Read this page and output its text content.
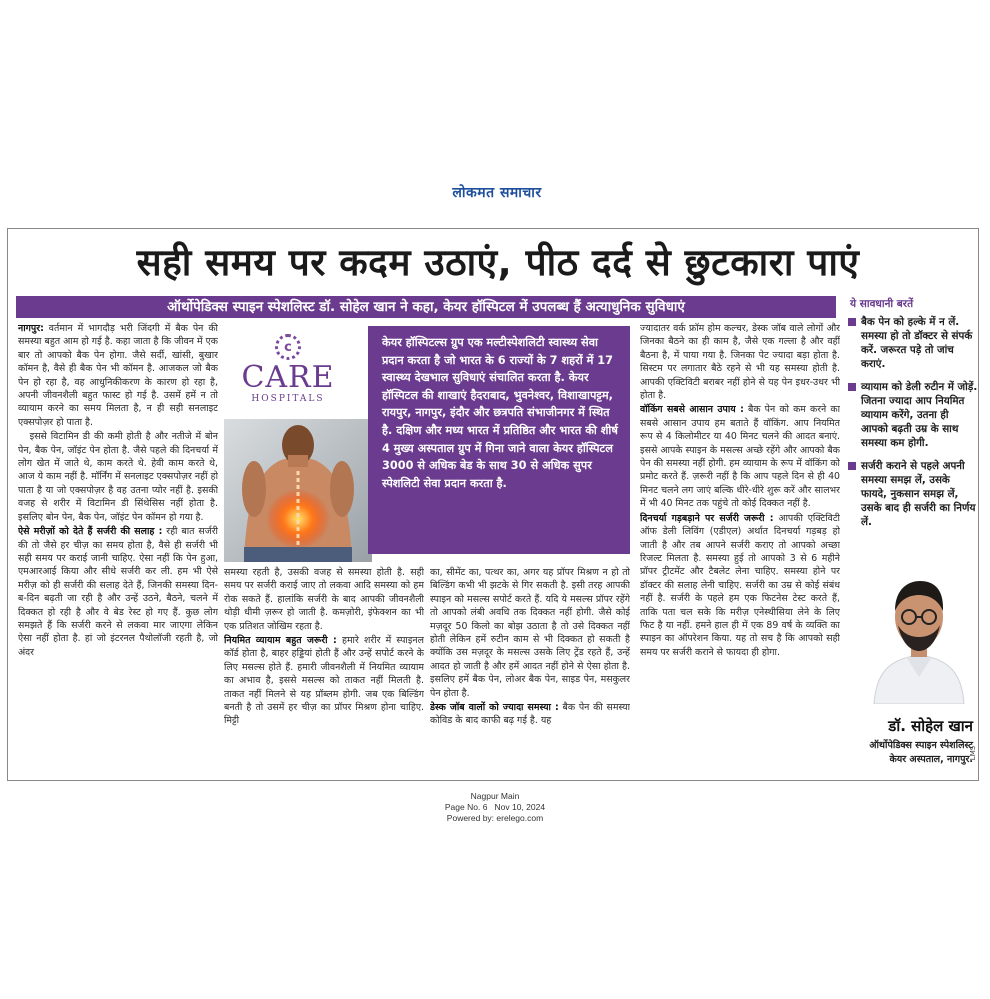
लोकमत समाचार
सही समय पर कदम उठाएं, पीठ दर्द से छुटकारा पाएं
ऑर्थोपेडिक्स स्पाइन स्पेशलिस्ट डॉ. सोहेल खान ने कहा, केयर हॉस्पिटल में उपलब्ध हैं अत्याधुनिक सुविधाएं

नागपुर: वर्तमान में भागदौड़ भरी जिंदगी में बैक पेन की समस्या बहुत आम हो गई है. कहा जाता है कि जीवन में एक बार तो आपको बैक पेन होगा. जैसे सर्दी, खांसी, बुखार कॉमन है, वैसे ही बैक पेन भी कॉमन है. आजकल जो बैक पेन हो रहा है, वह आधुनिकीकरण के कारण हो रहा है, अपनी जीवनशैली बहुत फास्ट हो गई है. उसमें हमें न तो व्यायाम करने का समय मिलता है, न ही सही सनलाइट एक्सपोज़र हो पाता है.

इससे विटामिन डी की कमी होती है और नतीजे में बोन पेन, बैक पेन, जॉइंट पेन होता है. जैसे पहले की दिनचर्या में लोग खेत में जाते थे, काम करते थे. हेवी काम करते थे, आज ये काम नहीं है. मॉर्निंग में सनलाइट एक्सपोज़र नहीं हो पाता है या जो एक्सपोज़र है वह उतना प्योर नहीं है. इसकी वजह से शरीर में विटामिन डी सिंथेसिस नहीं होता है. इसलिए बोन पेन, बैक पेन, जॉइंट पेन कॉमन हो गया है.

ऐसे मरीज़ों को देते हैं सर्जरी की सलाह : रही बात सर्जरी की तो जैसे हर चीज़ का समय होता है, वैसे ही सर्जरी भी सही समय पर कराई जानी चाहिए. ऐसा नहीं कि पेन हुआ, एमआरआई किया और सीधे सर्जरी कर ली. हम भी ऐसे मरीज़ को ही सर्जरी की सलाह देते हैं, जिनकी समस्या दिन-ब-दिन बढ़ती जा रही है और उन्हें उठने, बैठने, चलने में दिक्कत हो रही है और वे बेड रेस्ट हो गए हैं. कुछ लोग समझते हैं कि सर्जरी करने से लकवा मार जाएगा लेकिन ऐसा नहीं होता है. हां जो इंटरनल पैथोलॉजी रहती है, जो अंदर

c
CARE
HOSPITALS
केयर हॉस्पिटल्स ग्रुप एक मल्टीस्पेशलिटी स्वास्थ्य सेवा प्रदान करता है जो भारत के 6 राज्यों के 7 शहरों में 17 स्वास्थ्य देखभाल सुविधाएं संचालित करता है. केयर हॉस्पिटल की शाखाएं हैदराबाद, भुवनेश्वर, विशाखापट्टम, रायपुर, नागपुर, इंदौर और छत्रपति संभाजीनगर में स्थित है. दक्षिण और मध्य भारत में प्रतिष्ठित और भारत की शीर्ष 4 मुख्य अस्पताल ग्रुप में गिना जाने वाला केयर हॉस्पिटल 3000 से अधिक बेड के साथ 30 से अधिक सुपर स्पेशलिटी सेवा प्रदान करता है.

समस्या रहती है, उसकी वजह से समस्या होती है. सही समय पर सर्जरी कराई जाए तो लकवा आदि समस्या को हम रोक सकते हैं. हालांकि सर्जरी के बाद आपकी जीवनशैली थोड़ी धीमी ज़रूर हो जाती है. कमज़ोरी, इंफेक्शन का भी एक प्रतिशत जोखिम रहता है.

नियमित व्यायाम बहुत जरूरी : हमारे शरीर में स्पाइनल कॉर्ड होता है, बाहर हड्डियां होती हैं और उन्हें सपोर्ट करने के लिए मसल्स होते हैं. हमारी जीवनशैली में नियमित व्यायाम का अभाव है, इससे मसल्स को ताकत नहीं मिलती है. ताकत नहीं मिलने से यह प्रॉब्लम होगी. जब एक बिल्डिंग बनती है तो उसमें हर चीज़ का प्रॉपर मिश्रण होना चाहिए. मिट्टी

का, सीमेंट का, पत्थर का, अगर यह प्रॉपर मिश्रण न हो तो बिल्डिंग कभी भी झटके से गिर सकती है. इसी तरह आपकी स्पाइन को मसल्स सपोर्ट करते हैं. यदि ये मसल्स प्रॉपर रहेंगे तो आपको लंबी अवधि तक दिक्कत नहीं होगी. जैसे कोई मज़दूर 50 किलो का बोझ उठाता है तो उसे दिक्कत नहीं होती लेकिन हमें रुटीन काम से भी दिक्कत हो सकती है क्योंकि उस मज़दूर के मसल्स उसके लिए ट्रेंड रहते हैं, उन्हें आदत हो जाती है और हमें आदत नहीं होने से ऐसा होता है. इसलिए हमें बैक पेन, लोअर बैक पेन, साइड पेन, मसकुलर पेन होता है.

डेस्क जॉब वालों को ज्यादा समस्या : बैक पेन की समस्या कोविड के बाद काफी बढ़ गई है. यह

ज्यादातर वर्क फ्रॉम होम कल्चर, डेस्क जॉब वाले लोगों और जिनका बैठने का ही काम है, जैसे एक गल्ला है और वहीं बैठना है, में पाया गया है. जिनका पेट ज्यादा बड़ा होता है. सिस्टम पर लगातार बैठे रहने से भी यह समस्या होती है. आपकी एक्टिविटी बराबर नहीं होने से यह पेन इधर-उधर भी होता है.

वॉकिंग सबसे आसान उपाय : बैक पेन को कम करने का सबसे आसान उपाय हम बताते हैं वॉकिंग. आप नियमित रूप से 4 किलोमीटर या 40 मिनट चलने की आदत बनाएं. इससे आपके स्पाइन के मसल्स अच्छे रहेंगे और आपको बैक पेन की समस्या नहीं होगी. हम व्यायाम के रूप में वॉकिंग को प्रमोट करते हैं. ज़रूरी नहीं है कि आप पहले दिन से ही 40 मिनट चलने लग जाएं बल्कि धीरे-धीरे शुरू करें और सालभर में भी 40 मिनट तक पहुंचे तो कोई दिक्कत नहीं है.

दिनचर्या गड़बड़ाने पर सर्जरी जरूरी : आपकी एक्टिविटी ऑफ डेली लिविंग (एडीएल) अर्थात दिनचर्या गड़बड़ हो जाती है और तब आपने सर्जरी कराए तो आपको अच्छा रिजल्ट मिलता है. समस्या हुई तो आपको 3 से 6 महीने प्रॉपर ट्रीटमेंट और टैबलेट लेना चाहिए. समस्या होने पर डॉक्टर की सलाह लेनी चाहिए. सर्जरी का उम्र से कोई संबंध नहीं है. सर्जरी के पहले हम एक फिटनेस टेस्ट करते हैं, ताकि पता चल सके कि मरीज़ एनेस्थीसिया लेने के लिए फिट है या नहीं. हमने हाल ही में एक 89 वर्ष के व्यक्ति का स्पाइन का ऑपरेशन किया. यह तो सच है कि आपको सही समय पर सर्जरी कराने से फायदा ही होगा.

ये सावधानी बरतें
बैक पेन को हल्के में न लें. समस्या हो तो डॉक्टर से संपर्क करें. जरूरत पड़े तो जांच कराएं.
व्यायाम को डेली रुटीन में जोड़ें. जितना ज्यादा आप नियमित व्यायाम करेंगे, उतना ही आपको बढ़ती उम्र के साथ समस्या कम होगी.
सर्जरी कराने से पहले अपनी समस्या समझ लें, उसके फायदे, नुकसान समझ लें, उसके बाद ही सर्जरी का निर्णय लें.
डॉ. सोहेल खान
ऑर्थोपेडिक्स स्पाइन स्पेशलिस्ट
केयर अस्पताल, नागपुर.
LMS
Nagpur Main
Page No. 6 Nov 10, 2024
Powered by: erelego.com
